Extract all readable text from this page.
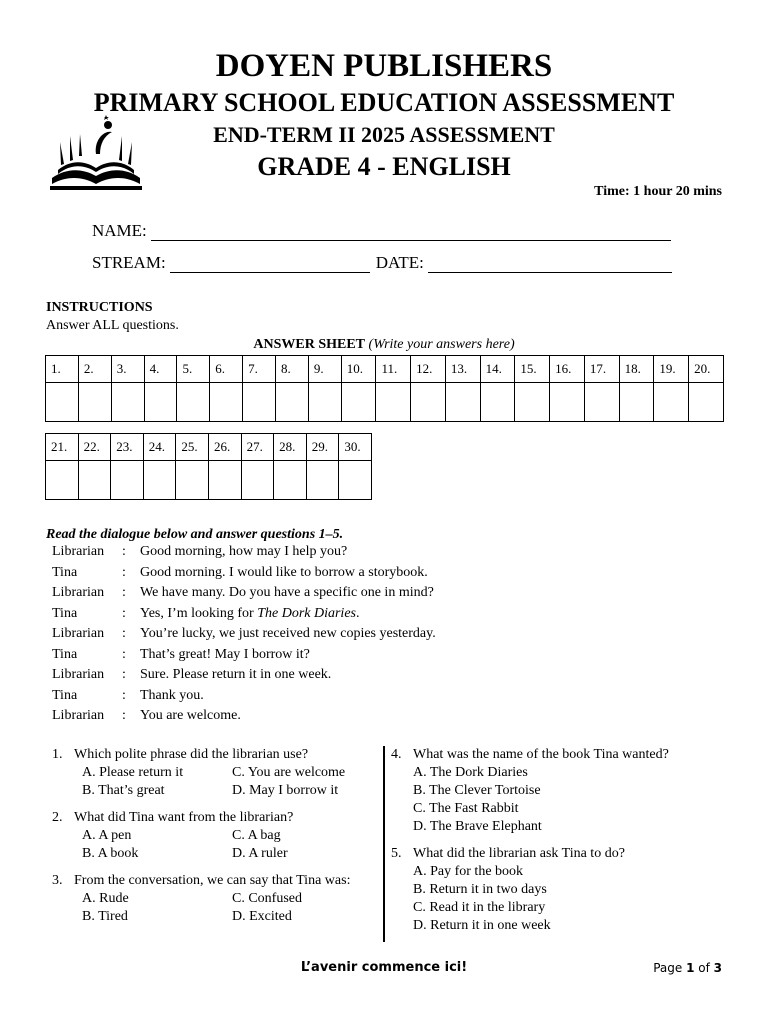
DOYEN PUBLISHERS
PRIMARY SCHOOL EDUCATION ASSESSMENT
END-TERM II 2025 ASSESSMENT
GRADE 4 - ENGLISH
Time: 1 hour 20 mins
NAME:
STREAM:	DATE:
INSTRUCTIONS
Answer ALL questions.
ANSWER SHEET (Write your answers here)
1.	2.	3.	4.	5.	6.	7.	8.	9.	10.	11.	12.	13.	14.	15.	16.	17.	18.	19.	20.

21.	22.	23.	24.	25.	26.	27.	28.	29.	30.

Read the dialogue below and answer questions 1–5.
Librarian	:	Good morning, how may I help you?
Tina	:	Good morning. I would like to borrow a storybook.
Librarian	:	We have many. Do you have a specific one in mind?
Tina	:	Yes, I’m looking for The Dork Diaries.
Librarian	:	You’re lucky, we just received new copies yesterday.
Tina	:	That’s great! May I borrow it?
Librarian	:	Sure. Please return it in one week.
Tina	:	Thank you.
Librarian	:	You are welcome.
1. Which polite phrase did the librarian use?
A. Please return it	C. You are welcome
B. That’s great	D. May I borrow it
2. What did Tina want from the librarian?
A. A pen	C. A bag
B. A book	D. A ruler
3. From the conversation, we can say that Tina was:
A. Rude	C. Confused
B. Tired	D. Excited
4. What was the name of the book Tina wanted?
A. The Dork Diaries
B. The Clever Tortoise
C. The Fast Rabbit
D. The Brave Elephant
5. What did the librarian ask Tina to do?
A. Pay for the book
B. Return it in two days
C. Read it in the library
D. Return it in one week
L’avenir commence ici!	Page 1 of 3
